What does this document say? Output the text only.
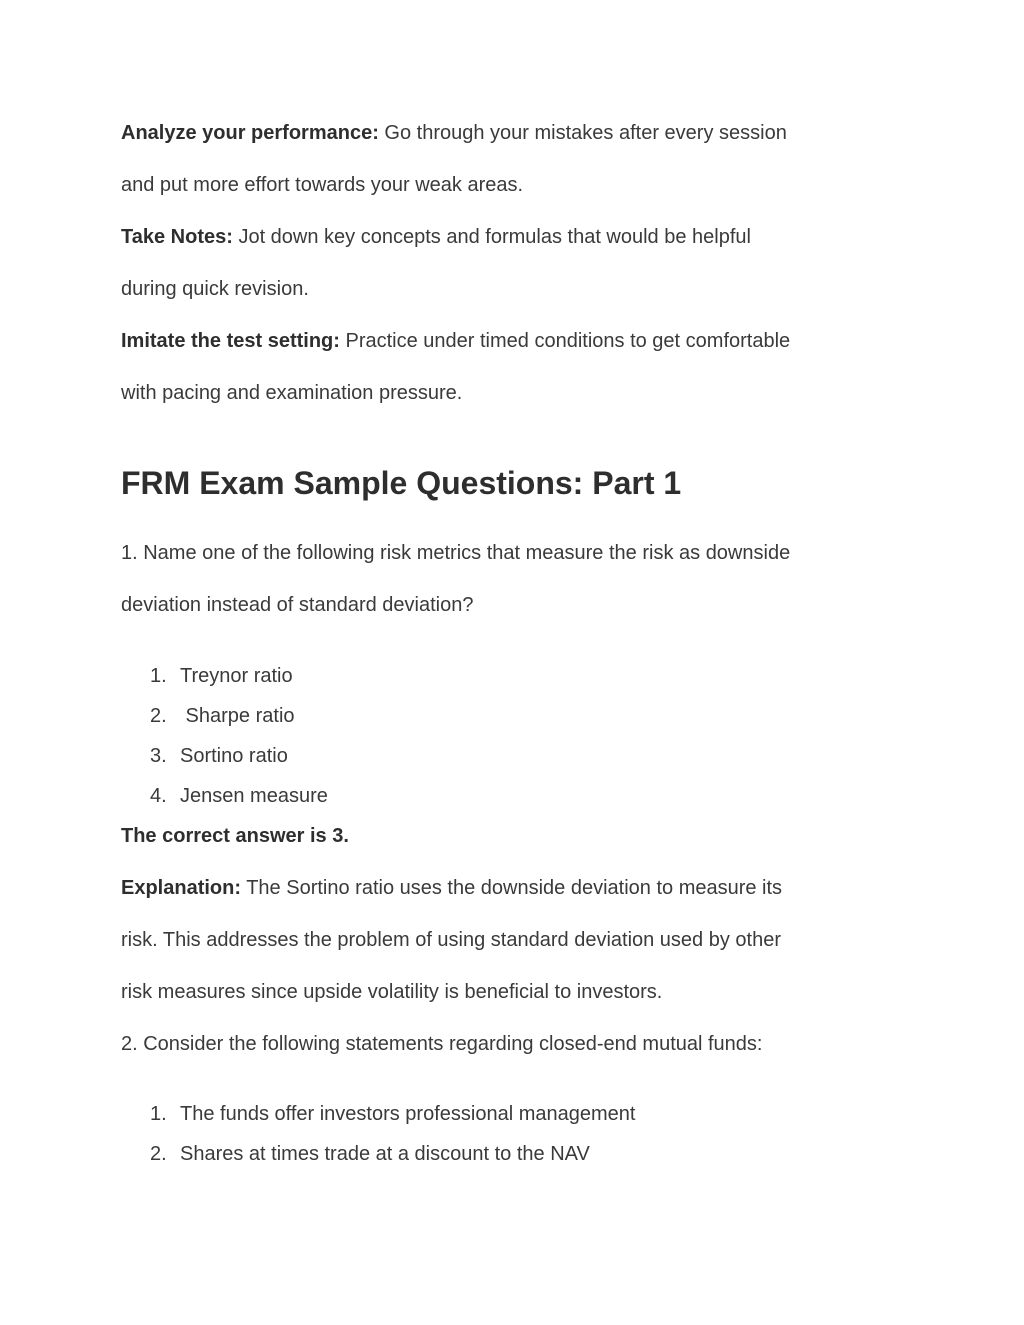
Analyze your performance: Go through your mistakes after every session
and put more effort towards your weak areas.
Take Notes: Jot down key concepts and formulas that would be helpful
during quick revision.
Imitate the test setting: Practice under timed conditions to get comfortable
with pacing and examination pressure.
FRM Exam Sample Questions: Part 1
1. Name one of the following risk metrics that measure the risk as downside
deviation instead of standard deviation?
1. Treynor ratio
2. Sharpe ratio
3. Sortino ratio
4. Jensen measure
The correct answer is 3.
Explanation: The Sortino ratio uses the downside deviation to measure its
risk. This addresses the problem of using standard deviation used by other
risk measures since upside volatility is beneficial to investors.
2. Consider the following statements regarding closed-end mutual funds:
1. The funds offer investors professional management
2. Shares at times trade at a discount to the NAV
